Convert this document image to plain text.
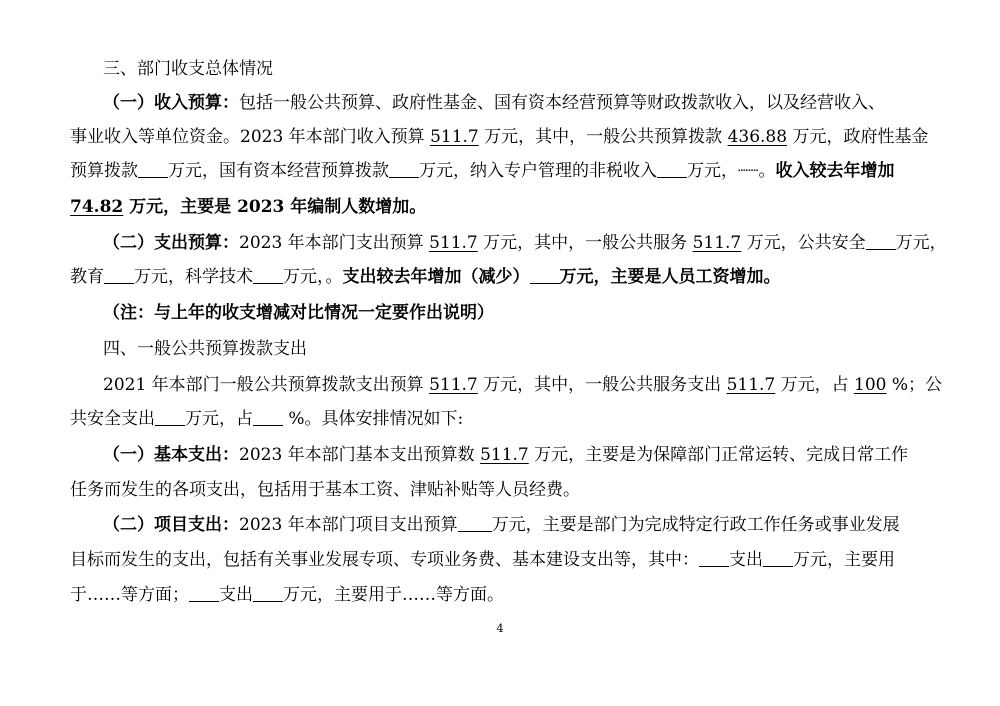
三、部门收支总体情况
（一）收入预算：包括一般公共预算、政府性基金、国有资本经营预算等财政拨款收入，以及经营收入、
事业收入等单位资金。2023 年本部门收入预算 511.7 万元，其中，一般公共预算拨款 436.88 万元，政府性基金
预算拨款 万元，国有资本经营预算拨款 万元，纳入专户管理的非税收入 万元，┈┈。收入较去年增加
74.82 万元，主要是 2023 年编制人数增加。
（二）支出预算：2023 年本部门支出预算 511.7 万元，其中，一般公共服务 511.7 万元，公共安全 万元，
教育 万元，科学技术 万元，。支出较去年增加（减少） 万元，主要是人员工资增加。
（注：与上年的收支增减对比情况一定要作出说明）
四、一般公共预算拨款支出
2021 年本部门一般公共预算拨款支出预算 511.7 万元，其中，一般公共服务支出 511.7 万元，占 100 %；公
共安全支出 万元，占 %。具体安排情况如下:
（一）基本支出：2023 年本部门基本支出预算数 511.7 万元，主要是为保障部门正常运转、完成日常工作
任务而发生的各项支出，包括用于基本工资、津贴补贴等人员经费。
（二）项目支出：2023 年本部门项目支出预算 万元，主要是部门为完成特定行政工作任务或事业发展
目标而发生的支出，包括有关事业发展专项、专项业务费、基本建设支出等，其中： 支出 万元，主要用
于……等方面； 支出 万元，主要用于……等方面。
4
